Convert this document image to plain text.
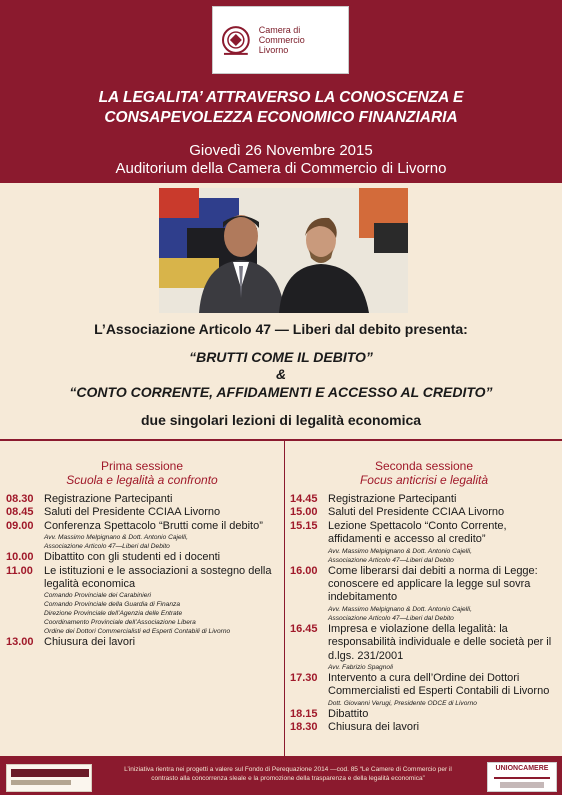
Camera di Commercio
Livorno
LA LEGALITA’ ATTRAVERSO LA CONOSCENZA E
CONSAPEVOLEZZA ECONOMICO FINANZIARIA
Giovedì 26 Novembre 2015
Auditorium della Camera di Commercio di Livorno
L’Associazione Articolo 47 — Liberi dal debito presenta:
“BRUTTI COME IL DEBITO”
&
“CONTO CORRENTE, AFFIDAMENTI E ACCESSO AL CREDITO”
due singolari lezioni di legalità economica
Prima sessione
Scuola e legalità a confronto
Seconda sessione
Focus anticrisi e legalità
08.30 Registrazione Partecipanti
08.45 Saluti del Presidente CCIAA Livorno
09.00 Conferenza Spettacolo “Brutti come il debito”
Avv. Massimo Melpignano & Dott. Antonio Cajelli,
Associazione Articolo 47—Liberi dal Debito
10.00 Dibattito con gli studenti ed i docenti
11.00	Le istituzioni e le associazioni a sostegno della legalità economica
Comando Provinciale dei Carabinieri
Comando Provinciale della Guardia di Finanza
Direzione Provinciale dell’Agenzia delle Entrate
Coordinamento Provinciale dell’Associazione Libera
Ordine dei Dottori Commercialisti ed Esperti Contabili di Livorno
13.00 Chiusura dei lavori
14.45 Registrazione Partecipanti
15.00 Saluti del Presidente CCIAA Livorno
15.15 Lezione Spettacolo “Conto Corrente, affidamenti e accesso al credito”
Avv. Massimo Melpignano & Dott. Antonio Cajelli,
Associazione Articolo 47—Liberi dal Debito
16.00 Come liberarsi dai debiti a norma di Legge: conoscere ed applicare la legge sul sovra indebitamento
Avv. Massimo Melpignano & Dott. Antonio Cajelli,
Associazione Articolo 47—Liberi dal Debito
16.45 Impresa e violazione della legalità: la responsabilità individuale e delle società per il d.lgs. 231/2001
Avv. Fabrizio Spagnoli
17.30 Intervento a cura dell’Ordine dei Dottori Commercialisti ed Esperti Contabili di Livorno
Dott. Giovanni Verugi, Presidente ODCE di Livorno
18.15 Dibattito
18.30 Chiusura dei lavori
L’iniziativa rientra nei progetti a valere sul Fondo di Perequazione 2014 —cod. 85 “Le Camere di Commercio per il
contrasto alla concorrenza sleale e la promozione della trasparenza e della legalità economica”
UNIONCAMERE
